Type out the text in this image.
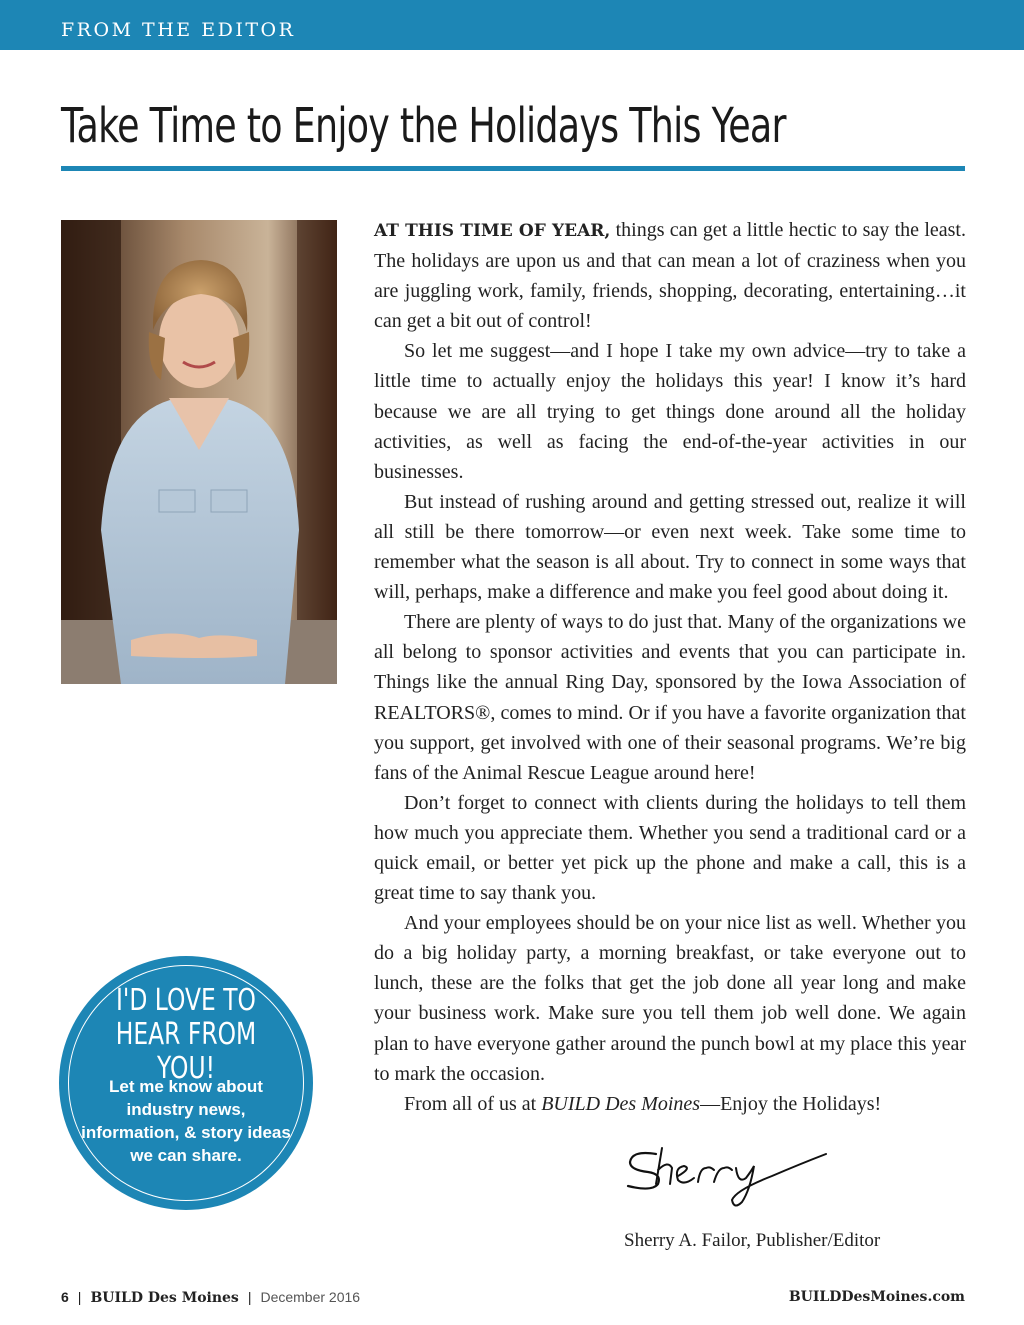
FROM THE EDITOR
Take Time to Enjoy the Holidays This Year

AT THIS TIME OF YEAR, things can get a little hectic to say the least. The holidays are upon us and that can mean a lot of craziness when you are juggling work, family, friends, shopping, decorating, entertaining…it can get a bit out of control!

So let me suggest—and I hope I take my own advice—try to take a little time to actually enjoy the holidays this year! I know it’s hard because we are all trying to get things done around all the holiday activities, as well as facing the end-of-the-year activities in our businesses.

But instead of rushing around and getting stressed out, realize it will all still be there tomorrow—or even next week. Take some time to remember what the season is all about. Try to connect in some ways that will, perhaps, make a difference and make you feel good about doing it.

There are plenty of ways to do just that. Many of the organizations we all belong to sponsor activities and events that you can participate in. Things like the annual Ring Day, sponsored by the Iowa Association of REALTORS®, comes to mind. Or if you have a favorite organization that you support, get involved with one of their seasonal programs. We’re big fans of the Animal Rescue League around here!

Don’t forget to connect with clients during the holidays to tell them how much you appreciate them. Whether you send a traditional card or a quick email, or better yet pick up the phone and make a call, this is a great time to say thank you.

And your employees should be on your nice list as well. Whether you do a big holiday party, a morning breakfast, or take everyone out to lunch, these are the folks that get the job done all year long and make your business work. Make sure you tell them job well done. We again plan to have everyone gather around the punch bowl at my place this year to mark the occasion.

From all of us at BUILD Des Moines—Enjoy the Holidays!

I'D LOVE TO
HEAR FROM YOU!
Let me know about industry news, information, & story ideas we can share.
Sherry A. Failor, Publisher/Editor
6 | BUILD Des Moines | December 2016	BUILDDesMoines.com
